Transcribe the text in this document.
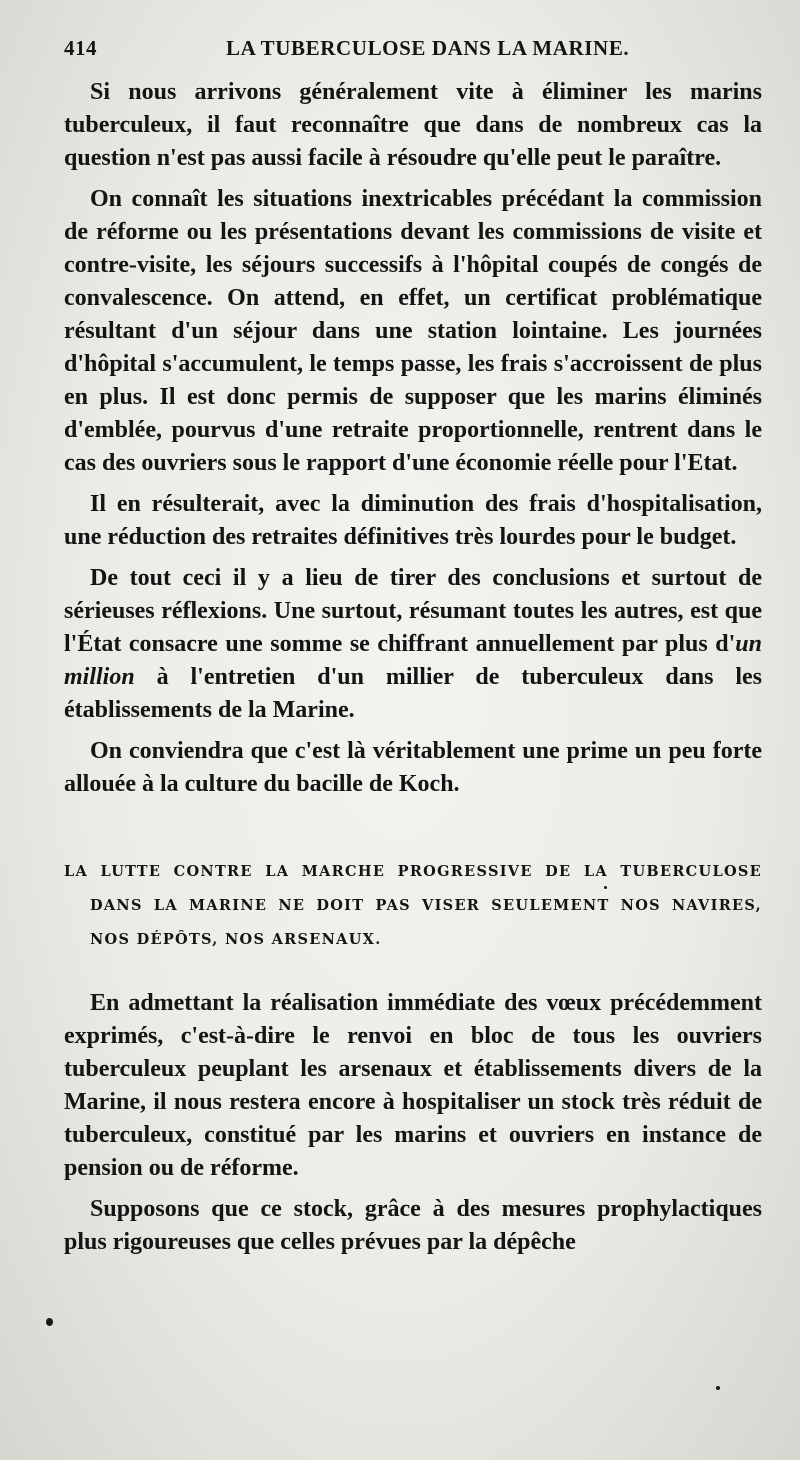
414	LA TUBERCULOSE DANS LA MARINE.

Si nous arrivons généralement vite à éliminer les marins tuberculeux, il faut reconnaître que dans de nombreux cas la question n'est pas aussi facile à résoudre qu'elle peut le paraître.

On connaît les situations inextricables précédant la commission de réforme ou les présentations devant les commissions de visite et contre-visite, les séjours successifs à l'hôpital coupés de congés de convalescence. On attend, en effet, un certificat problématique résultant d'un séjour dans une station lointaine. Les journées d'hôpital s'accumulent, le temps passe, les frais s'accroissent de plus en plus. Il est donc permis de supposer que les marins éliminés d'emblée, pourvus d'une retraite proportionnelle, rentrent dans le cas des ouvriers sous le rapport d'une économie réelle pour l'Etat.

Il en résulterait, avec la diminution des frais d'hospitalisation, une réduction des retraites définitives très lourdes pour le budget.

De tout ceci il y a lieu de tirer des conclusions et surtout de sérieuses réflexions. Une surtout, résumant toutes les autres, est que l'État consacre une somme se chiffrant annuellement par plus d'un million à l'entretien d'un millier de tuberculeux dans les établissements de la Marine.

On conviendra que c'est là véritablement une prime un peu forte allouée à la culture du bacille de Koch.

LA LUTTE CONTRE LA MARCHE PROGRESSIVE DE LA TUBERCULOSE DANS LA MARINE NE DOIT PAS VISER SEULEMENT NOS NAVIRES, NOS DÉPÔTS, NOS ARSENAUX.

En admettant la réalisation immédiate des vœux précédemment exprimés, c'est-à-dire le renvoi en bloc de tous les ouvriers tuberculeux peuplant les arsenaux et établissements divers de la Marine, il nous restera encore à hospitaliser un stock très réduit de tuberculeux, constitué par les marins et ouvriers en instance de pension ou de réforme.

Supposons que ce stock, grâce à des mesures prophylactiques plus rigoureuses que celles prévues par la dépêche
